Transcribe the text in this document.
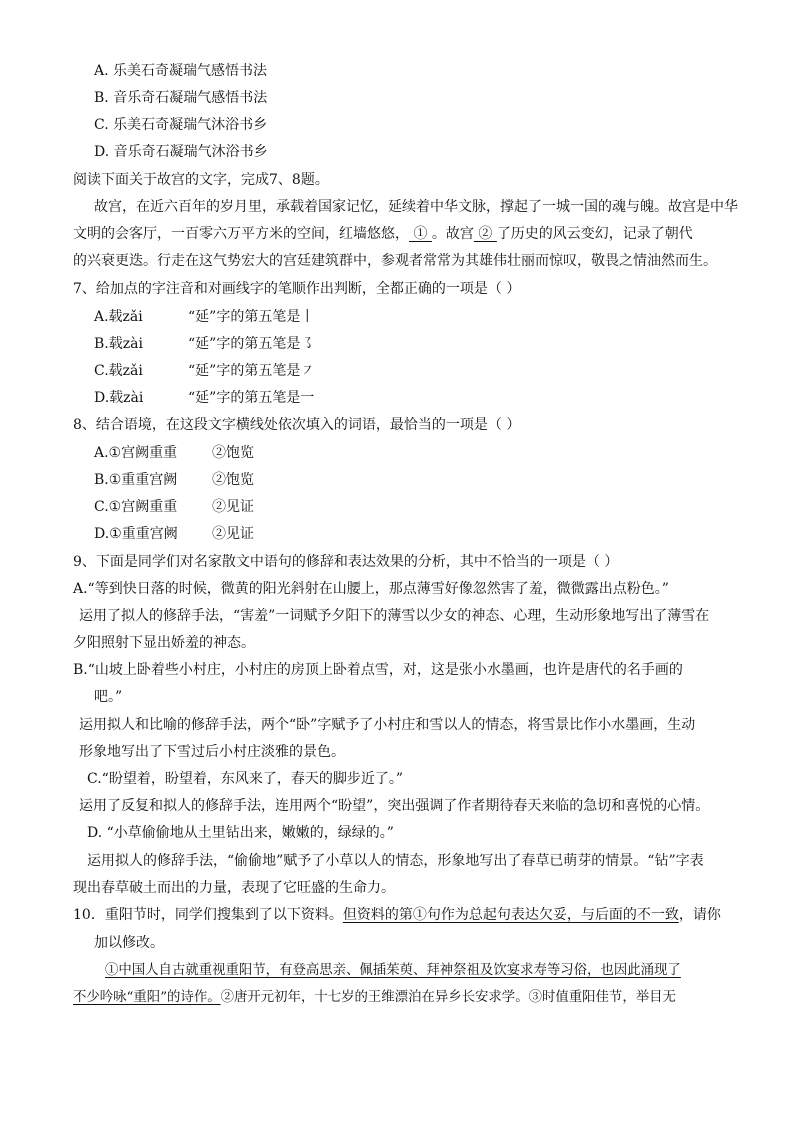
A. 乐美石奇凝瑞气感悟书法
B. 音乐奇石凝瑞气感悟书法
C. 乐美石奇凝瑞气沐浴书乡
D. 音乐奇石凝瑞气沐浴书乡
阅读下面关于故宫的文字，完成7、8题。
故宫，在近六百年的岁月里，承载着国家记忆，延续着中华文脉，撑起了一城一国的魂与魄。故宫是中华
文明的会客厅，一百零六万平方米的空间，红墙悠悠， ① 。故宫 ② 了历史的风云变幻，记录了朝代
的兴衰更迭。行走在这气势宏大的宫廷建筑群中，参观者常常为其雄伟壮丽而惊叹，敬畏之情油然而生。
7、给加点的字注音和对画线字的笔顺作出判断，全都正确的一项是（ ）
A.载zǎi	“延”字的第五笔是丨
B.载zài	“延”字的第五笔是㇌
C.载zǎi	“延”字的第五笔是㇇
D.载zài	“延”字的第五笔是一
8、结合语境，在这段文字横线处依次填入的词语，最恰当的一项是（ ）
A.①宫阙重重 ②饱览
B.①重重宫阙 ②饱览
C.①宫阙重重 ②见证
D.①重重宫阙 ②见证
9、下面是同学们对名家散文中语句的修辞和表达效果的分析，其中不恰当的一项是（ ）
A.“等到快日落的时候，微黄的阳光斜射在山腰上，那点薄雪好像忽然害了羞，微微露出点粉色。”
运用了拟人的修辞手法，“害羞”一词赋予夕阳下的薄雪以少女的神态、心理，生动形象地写出了薄雪在
夕阳照射下显出娇羞的神态。
B.“山坡上卧着些小村庄，小村庄的房顶上卧着点雪，对，这是张小水墨画，也许是唐代的名手画的
吧。”
运用拟人和比喻的修辞手法，两个“卧”字赋予了小村庄和雪以人的情态，将雪景比作小水墨画，生动
形象地写出了下雪过后小村庄淡雅的景色。
C.“盼望着，盼望着，东风来了，春天的脚步近了。”
运用了反复和拟人的修辞手法，连用两个“盼望”，突出强调了作者期待春天来临的急切和喜悦的心情。
D. “小草偷偷地从土里钻出来，嫩嫩的，绿绿的。”
运用拟人的修辞手法，“偷偷地”赋予了小草以人的情态，形象地写出了春草已萌芽的情景。“钻”字表
现出春草破土而出的力量，表现了它旺盛的生命力。
10．重阳节时，同学们搜集到了以下资料。但资料的第①句作为总起句表达欠妥，与后面的不一致，请你
加以修改。
①中国人自古就重视重阳节，有登高思亲、佩插茱萸、拜神祭祖及饮宴求寿等习俗，也因此涌现了
不少吟咏“重阳”的诗作。②唐开元初年，十七岁的王维漂泊在异乡长安求学。③时值重阳佳节，举目无
